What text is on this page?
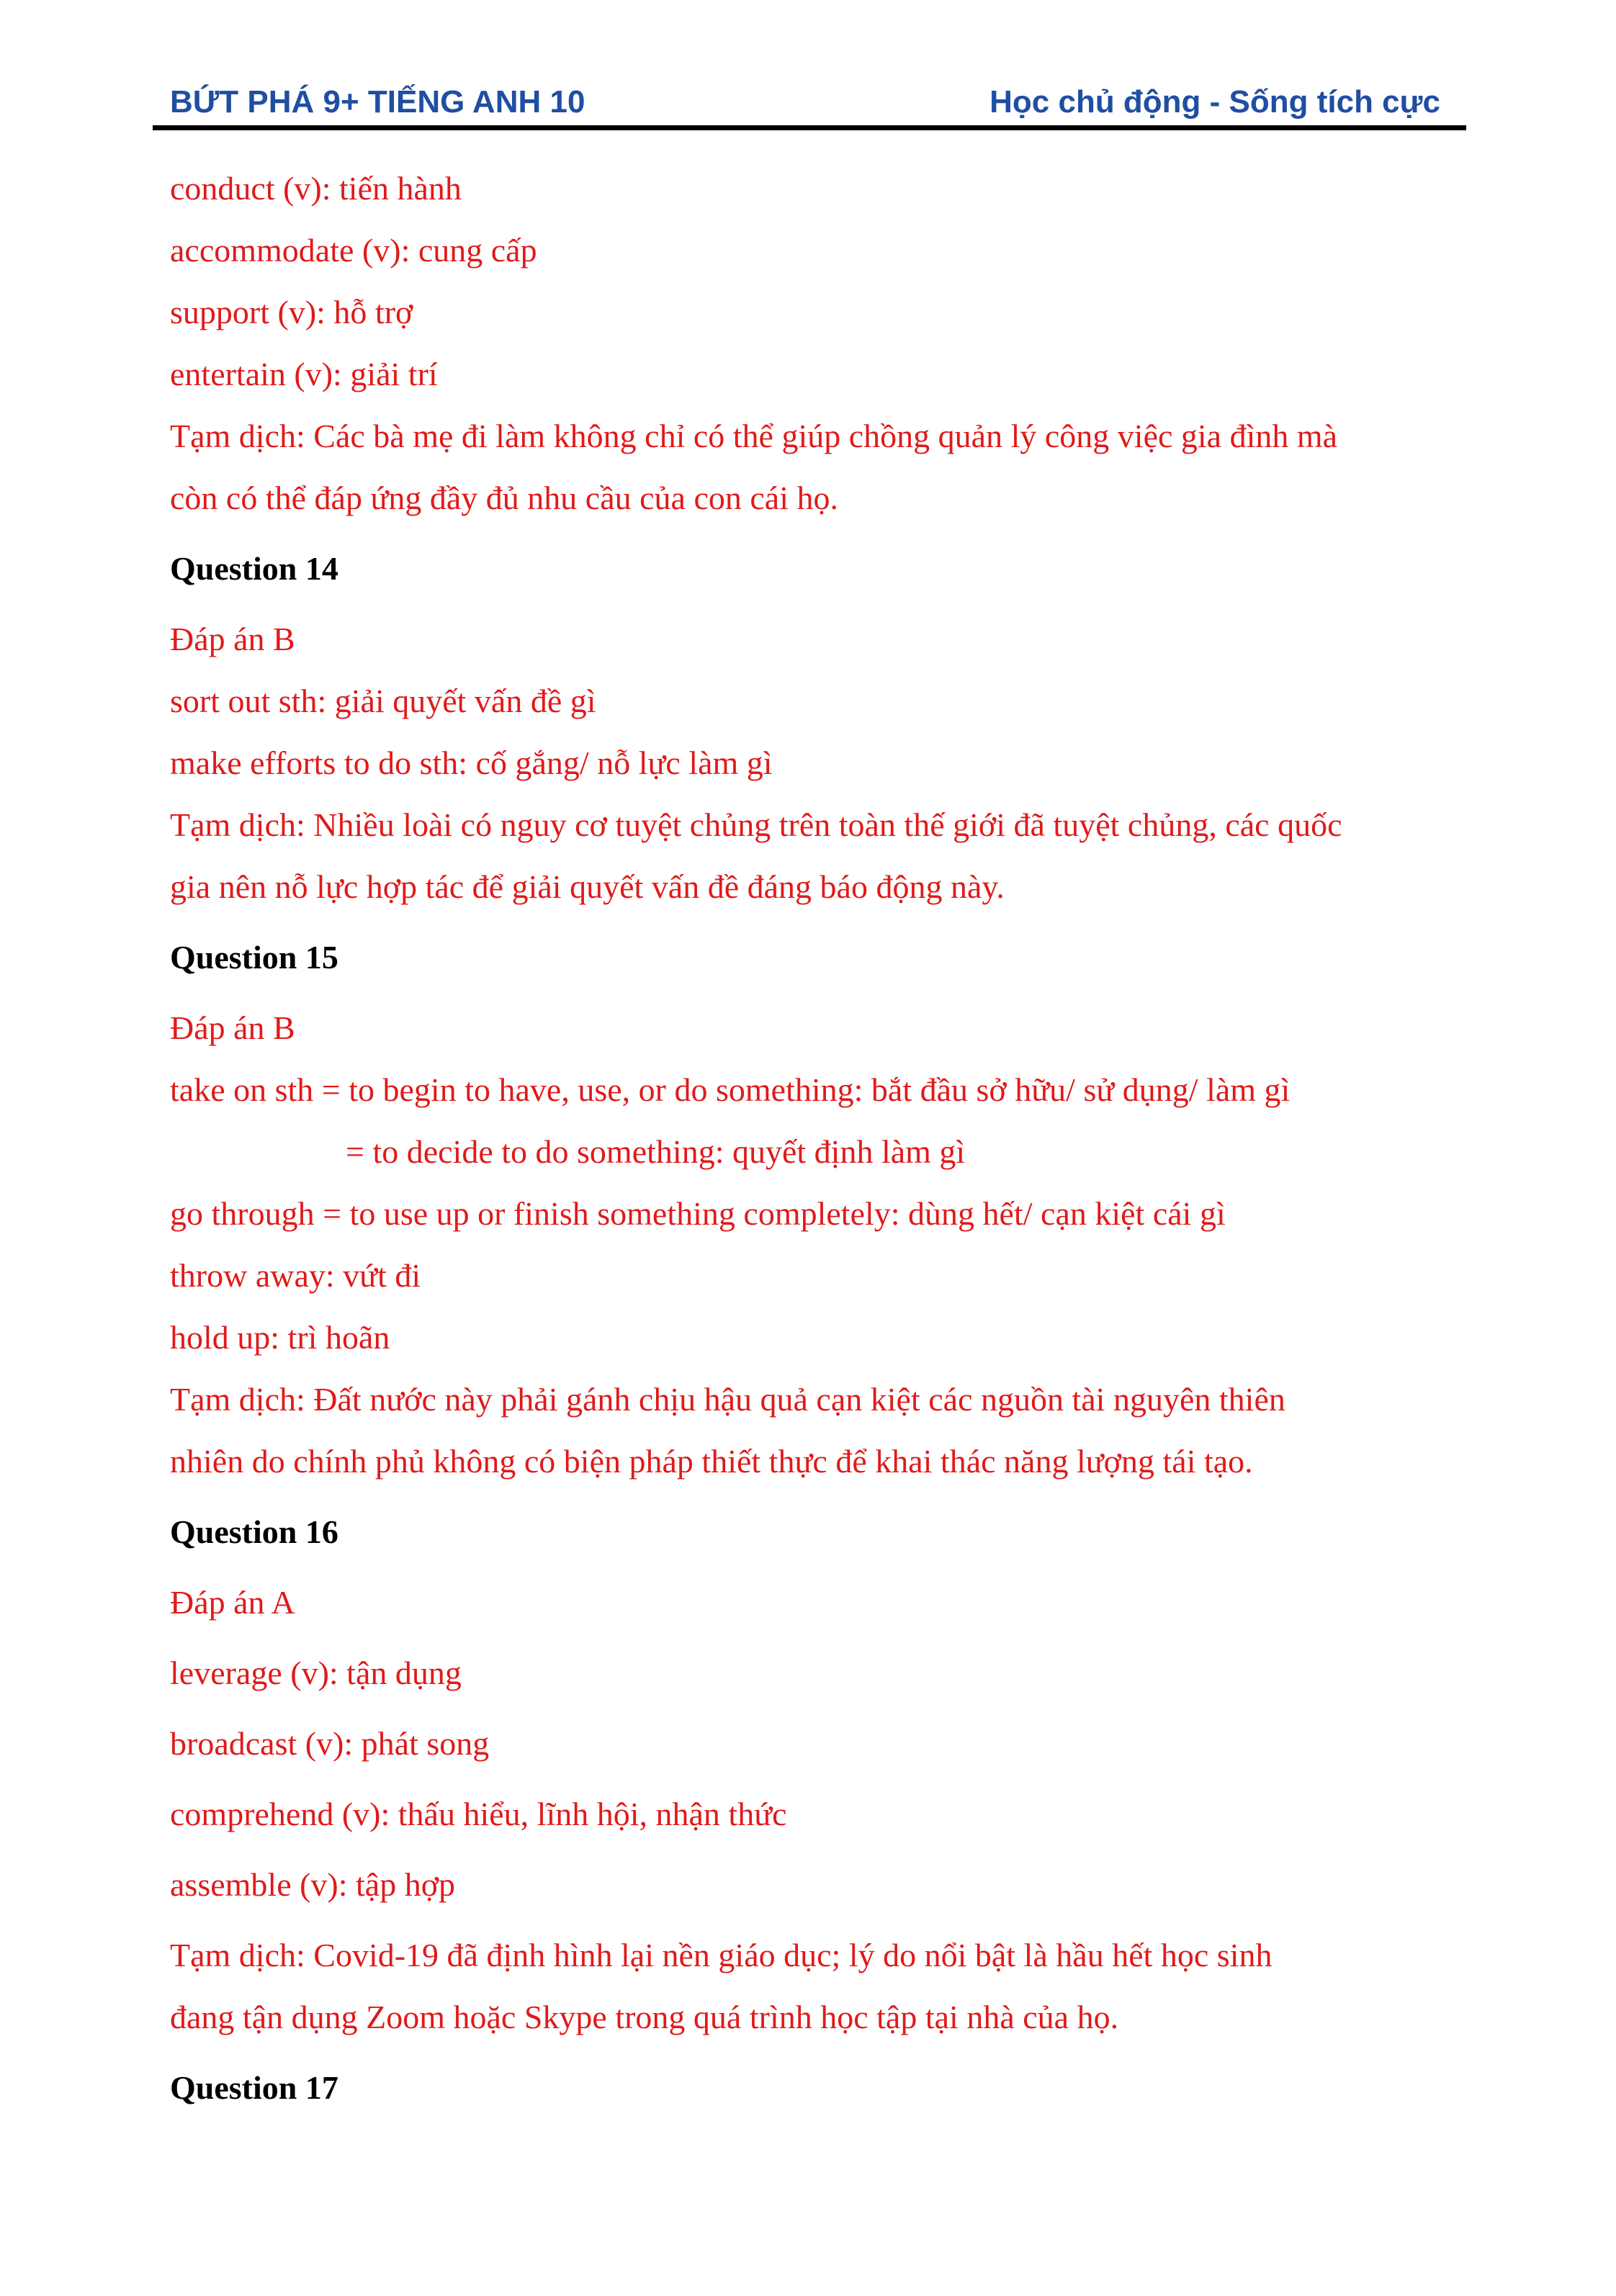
BỨT PHÁ 9+ TIẾNG ANH 10	Học chủ động - Sống tích cực
conduct (v): tiến hành
accommodate (v): cung cấp
support (v): hỗ trợ
entertain (v): giải trí
Tạm dịch: Các bà mẹ đi làm không chỉ có thể giúp chồng quản lý công việc gia đình mà
còn có thể đáp ứng đầy đủ nhu cầu của con cái họ.
Question 14
Đáp án B
sort out sth: giải quyết vấn đề gì
make efforts to do sth: cố gắng/ nỗ lực làm gì
Tạm dịch: Nhiều loài có nguy cơ tuyệt chủng trên toàn thế giới đã tuyệt chủng, các quốc
gia nên nỗ lực hợp tác để giải quyết vấn đề đáng báo động này.
Question 15
Đáp án B
take on sth = to begin to have, use, or do something: bắt đầu sở hữu/ sử dụng/ làm gì
= to decide to do something: quyết định làm gì
go through = to use up or finish something completely: dùng hết/ cạn kiệt cái gì
throw away: vứt đi
hold up: trì hoãn
Tạm dịch: Đất nước này phải gánh chịu hậu quả cạn kiệt các nguồn tài nguyên thiên
nhiên do chính phủ không có biện pháp thiết thực để khai thác năng lượng tái tạo.
Question 16
Đáp án A
leverage (v): tận dụng
broadcast (v): phát song
comprehend (v): thấu hiểu, lĩnh hội, nhận thức
assemble (v): tập hợp
Tạm dịch: Covid-19 đã định hình lại nền giáo dục; lý do nổi bật là hầu hết học sinh
đang tận dụng Zoom hoặc Skype trong quá trình học tập tại nhà của họ.
Question 17
